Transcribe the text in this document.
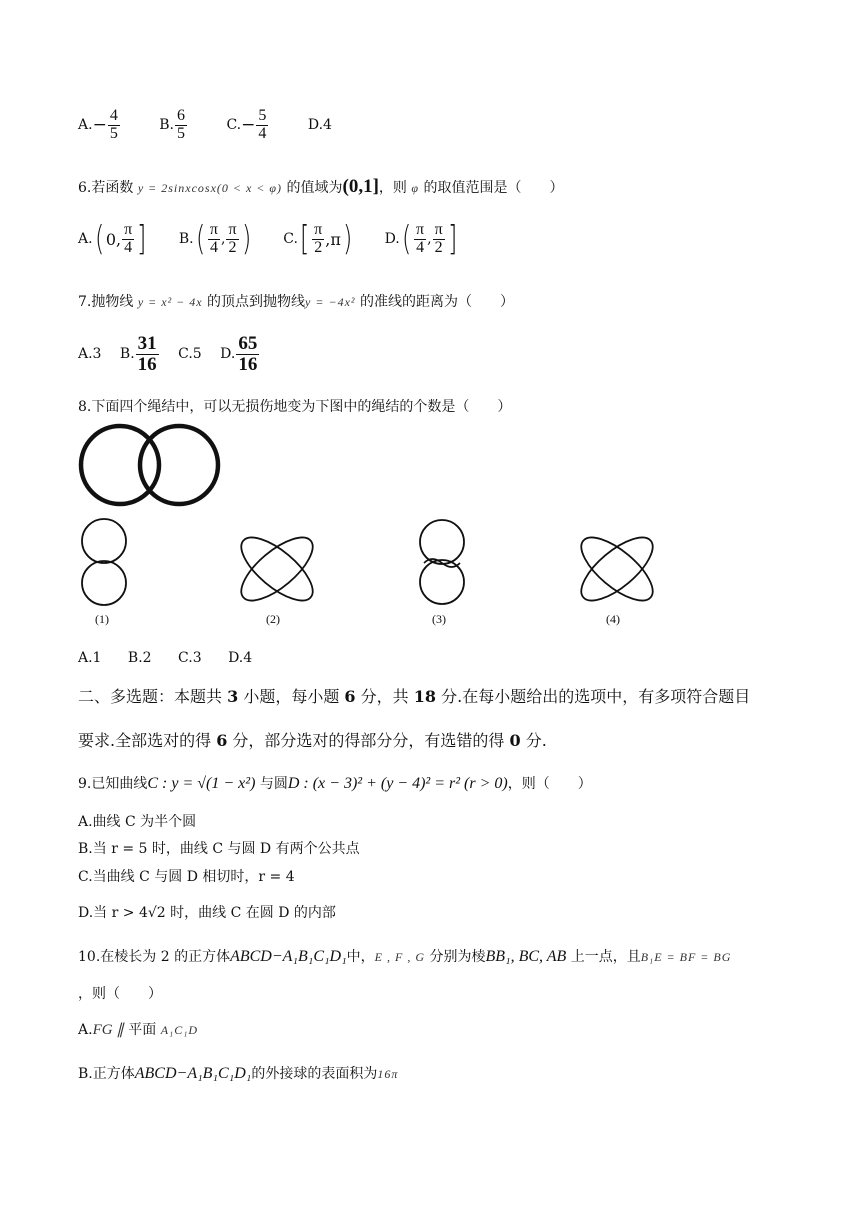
A. − $\frac{4}{5}$
	B. $\frac{6}{5}$
	C. − $\frac{5}{4}$	D.4
6.若函数 y = 2sinxcosx(0 < x < φ) 的值域为(0,1]，则 φ 的取值范围是（　　）
A. ( 0, $\frac{\pi}{4}$ ]
B. ( $\frac{\pi}{4}$ , $\frac{\pi}{2}$ )
C. [ $\frac{\pi}{2} ,\pi$ )
D. ( $\frac{\pi}{4}$ , $\frac{\pi}{2}$ ]
7.抛物线 y = x² − 4x 的顶点到抛物线y = −4x² 的准线的距离为（　　）
A.3 B. $\frac{31}{16} C.5$ D. $\frac{65}{16}$
8.下面四个绳结中，可以无损伤地变为下图中的绳结的个数是（　　）
(1)	(2)	(3)	(4)
A.1 B.2 C.3 D.4
二、多选题：本题共 3 小题，每小题 6 分，共 18 分.在每小题给出的选项中，有多项符合题目
要求.全部选对的得 6 分，部分选对的得部分分，有选错的得 0 分.
9.已知曲线C : y = √(1 − x²) 与圆D : (x − 3)² + (y − 4)² = r² (r > 0)，则（　　）
A.曲线 C 为半个圆
B.当 r = 5 时，曲线 C 与圆 D 有两个公共点
C.当曲线 C 与圆 D 相切时，r = 4
D.当 r > 4√2 时，曲线 C 在圆 D 的内部
10.在棱长为 2 的正方体ABCD−A₁B₁C₁D₁中，E , F , G 分别为棱BB₁, BC, AB 上一点，且B₁E = BF = BG
，则（　　）
A.FG ∥ 平面 A₁C₁D
B.正方体ABCD−A₁B₁C₁D₁的外接球的表面积为16π
